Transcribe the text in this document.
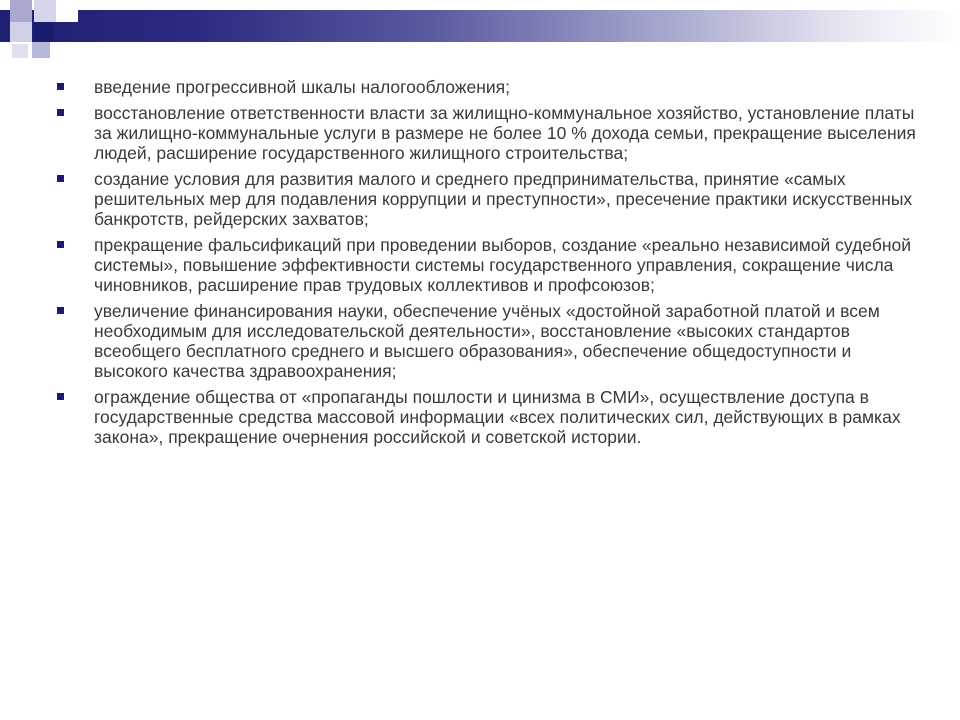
введение прогрессивной шкалы налогообложения;
восстановление ответственности власти за жилищно-коммунальное хозяйство, установление платы за жилищно-коммунальные услуги в размере не более 10 % дохода семьи, прекращение выселения людей, расширение государственного жилищного строительства;
создание условия для развития малого и среднего предпринимательства, принятие «самых решительных мер для подавления коррупции и преступности», пресечение практики искусственных банкротств, рейдерских захватов;
прекращение фальсификаций при проведении выборов, создание «реально независимой судебной системы», повышение эффективности системы государственного управления, сокращение числа чиновников, расширение прав трудовых коллективов и профсоюзов;
увеличение финансирования науки, обеспечение учёных «достойной заработной платой и всем необходимым для исследовательской деятельности», восстановление «высоких стандартов всеобщего бесплатного среднего и высшего образования», обеспечение общедоступности и высокого качества здравоохранения;
ограждение общества от «пропаганды пошлости и цинизма в СМИ», осуществление доступа в государственные средства массовой информации «всех политических сил, действующих в рамках закона», прекращение очернения российской и советской истории.
